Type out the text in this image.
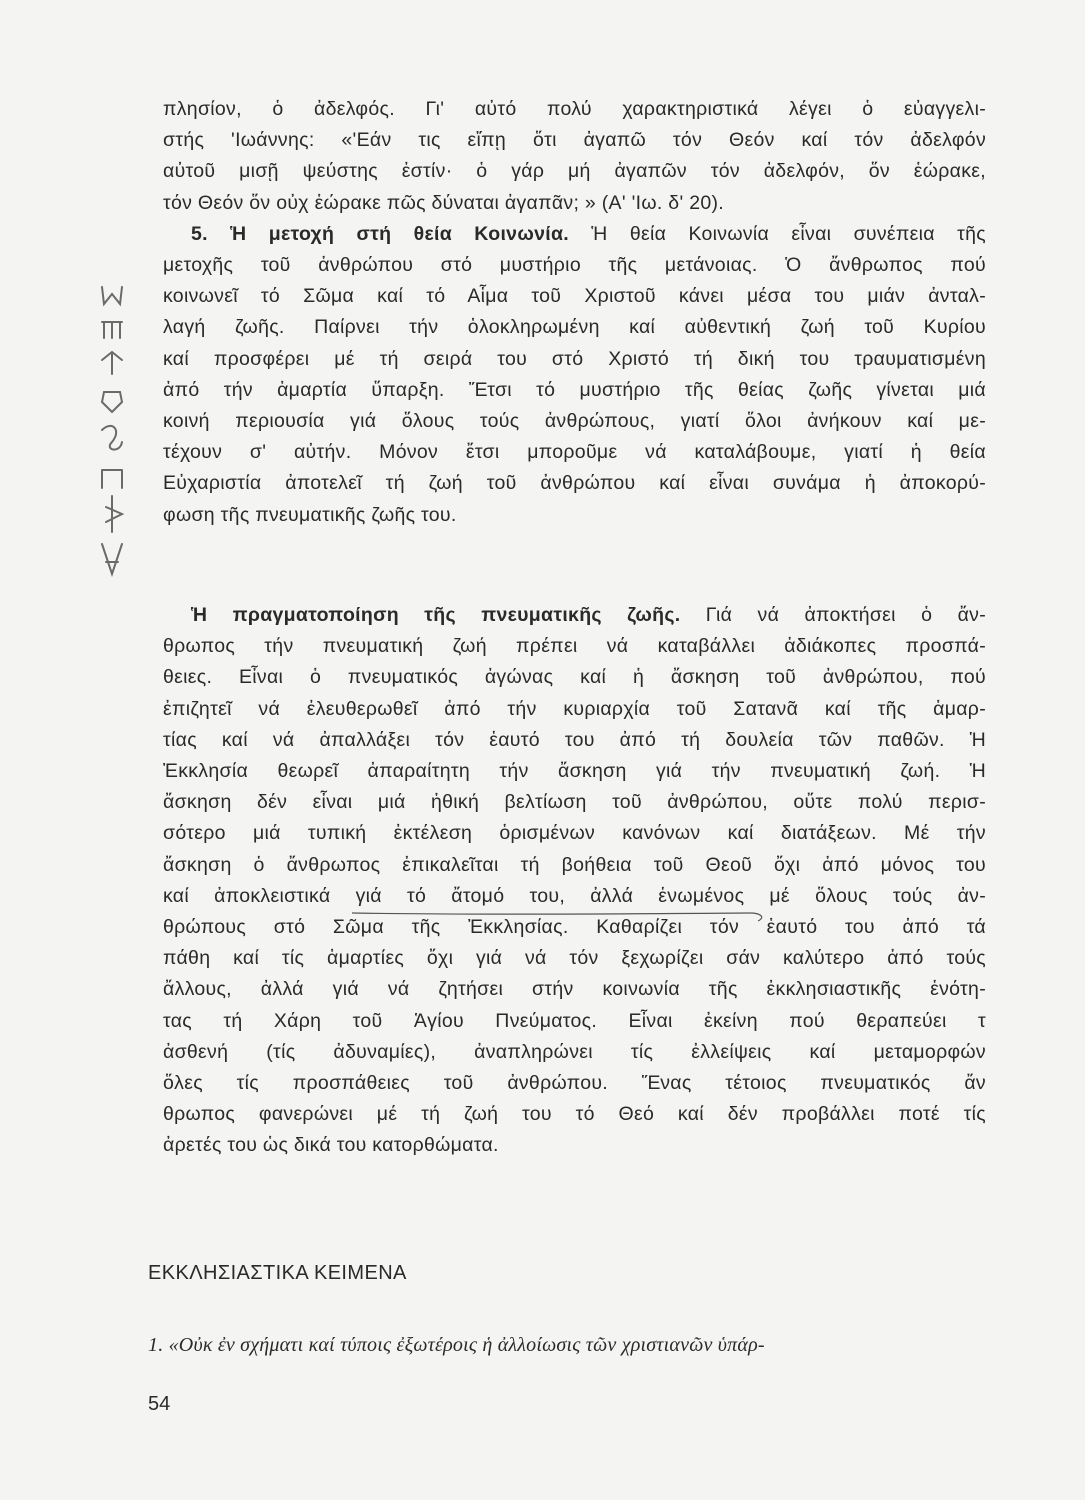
πλησίον, ὁ ἀδελφός. Γι' αὐτό πολύ χαρακτηριστικά λέγει ὁ εὐαγγελι-
στής 'Ιωάννης: «'Εάν τις εἴπῃ ὅτι ἀγαπῶ τόν Θεόν καί τόν ἀδελφόν
αὐτοῦ μισῇ ψεύστης ἐστίν· ὁ γάρ μή ἀγαπῶν τόν ἀδελφόν, ὅν ἑώρακε,
τόν Θεόν ὅν οὐχ ἑώρακε πῶς δύναται ἀγαπᾶν; » (Α' 'Ιω. δ' 20).
5. Ἡ μετοχή στή θεία Κοινωνία. Ἡ θεία Κοινωνία εἶναι συνέπεια τῆς
μετοχῆς τοῦ ἀνθρώπου στό μυστήριο τῆς μετάνοιας. Ὁ ἄνθρωπος πού
κοινωνεῖ τό Σῶμα καί τό Αἷμα τοῦ Χριστοῦ κάνει μέσα του μιάν ἀνταλ-
λαγή ζωῆς. Παίρνει τήν ὁλοκληρωμένη καί αὐθεντική ζωή τοῦ Κυρίου
καί προσφέρει μέ τή σειρά του στό Χριστό τή δική του τραυματισμένη
ἀπό τήν ἁμαρτία ὕπαρξη. Ἔτσι τό μυστήριο τῆς θείας ζωῆς γίνεται μιά
κοινή περιουσία γιά ὅλους τούς ἀνθρώπους, γιατί ὅλοι ἀνήκουν καί με-
τέχουν σ' αὐτήν. Μόνον ἔτσι μποροῦμε νά καταλάβουμε, γιατί ἡ θεία
Εὐχαριστία ἀποτελεῖ τή ζωή τοῦ ἀνθρώπου καί εἶναι συνάμα ἡ ἀποκορύ-
φωση τῆς πνευματικῆς ζωῆς του.
Ἡ πραγματοποίηση τῆς πνευματικῆς ζωῆς. Γιά νά ἀποκτήσει ὁ ἄν-
θρωπος τήν πνευματική ζωή πρέπει νά καταβάλλει ἀδιάκοπες προσπά-
θειες. Εἶναι ὁ πνευματικός ἀγώνας καί ἡ ἄσκηση τοῦ ἀνθρώπου, πού
ἐπιζητεῖ νά ἐλευθερωθεῖ ἀπό τήν κυριαρχία τοῦ Σατανᾶ καί τῆς ἁμαρ-
τίας καί νά ἀπαλλάξει τόν ἑαυτό του ἀπό τή δουλεία τῶν παθῶν. Ἡ
Ἐκκλησία θεωρεῖ ἀπαραίτητη τήν ἄσκηση γιά τήν πνευματική ζωή. Ἡ
ἄσκηση δέν εἶναι μιά ἠθική βελτίωση τοῦ ἀνθρώπου, οὔτε πολύ περισ-
σότερο μιά τυπική ἐκτέλεση ὁρισμένων κανόνων καί διατάξεων. Μέ τήν
ἄσκηση ὁ ἄνθρωπος ἐπικαλεῖται τή βοήθεια τοῦ Θεοῦ ὄχι ἀπό μόνος του
καί ἀποκλειστικά γιά τό ἄτομό του, ἀλλά ἑνωμένος μέ ὅλους τούς ἀν-
θρώπους στό Σῶμα τῆς Ἐκκλησίας. Καθαρίζει τόν ἑαυτό του ἀπό τά
πάθη καί τίς ἁμαρτίες ὄχι γιά νά τόν ξεχωρίζει σάν καλύτερο ἀπό τούς
ἄλλους, ἀλλά γιά νά ζητήσει στήν κοινωνία τῆς ἐκκλησιαστικῆς ἑνότη-
τας τή Χάρη τοῦ Ἁγίου Πνεύματος. Εἶναι ἐκείνη πού θεραπεύει τ
ἀσθενή (τίς ἀδυναμίες), ἀναπληρώνει τίς ἐλλείψεις καί μεταμορφών
ὅλες τίς προσπάθειες τοῦ ἀνθρώπου. Ἕνας τέτοιος πνευματικός ἄν
θρωπος φανερώνει μέ τή ζωή του τό Θεό καί δέν προβάλλει ποτέ τίς
ἀρετές του ὡς δικά του κατορθώματα.
ΕΚΚΛΗΣΙΑΣΤΙΚΑ ΚΕΙΜΕΝΑ
1. «Οὐκ ἐν σχήματι καί τύποις ἐξωτέροις ἡ ἀλλοίωσις τῶν χριστιανῶν ὑπάρ-
54
